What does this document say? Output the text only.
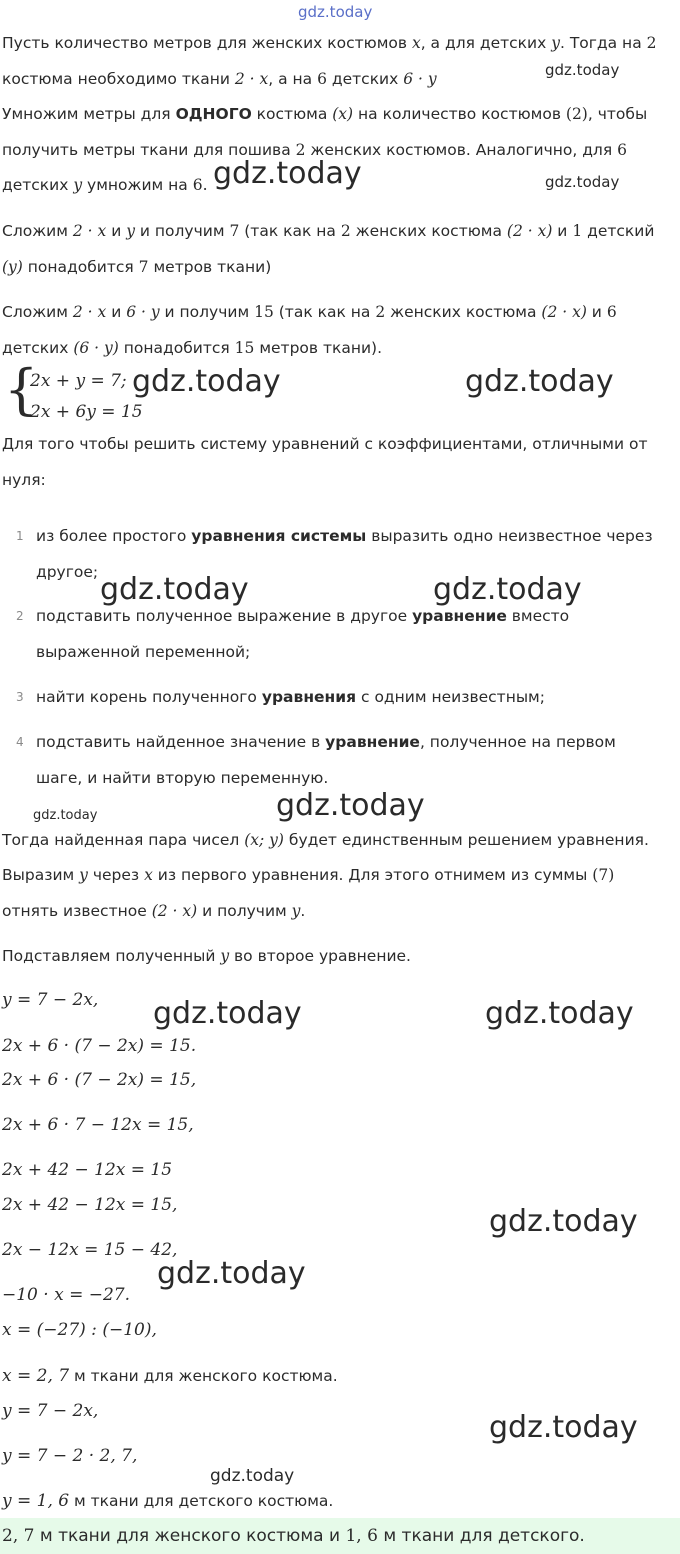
gdz.today
gdz.today
gdz.today	gdz.today
gdz.today	gdz.today
gdz.today	gdz.today
gdz.today	gdz.today
gdz.today	gdz.today
gdz.today
gdz.today
gdz.today
gdz.today
Пусть количество метров для женских костюмов x, а для детских y. Тогда на 2
костюма необходимо ткани 2 · x, а на 6 детских 6 · y
Умножим метры для ОДНОГО костюма (x) на количество костюмов (2), чтобы
получить метры ткани для пошива 2 женских костюмов. Аналогично, для 6
детских y умножим на 6.
Сложим 2 · x и y и получим 7 (так как на 2 женских костюма (2 · x) и 1 детский
(y) понадобится 7 метров ткани)
Сложим 2 · x и 6 · y и получим 15 (так как на 2 женских костюма (2 · x) и 6
детских (6 · y) понадобится 15 метров ткани).
{
2x + y = 7;
2x + 6y = 15
Для того чтобы решить систему уравнений с коэффициентами, отличными от
нуля:
1 из более простого уравнения системы выразить одно неизвестное через
другое;
2 подставить полученное выражение в другое уравнение вместо
выраженной переменной;
3 найти корень полученного уравнения с одним неизвестным;
4 подставить найденное значение в уравнение, полученное на первом
шаге, и найти вторую переменную.
Тогда найденная пара чисел (x; y) будет единственным решением уравнения.
Выразим y через x из первого уравнения. Для этого отнимем из суммы (7)
отнять известное (2 · x) и получим y.
Подставляем полученный y во второе уравнение.
y = 7 − 2x,
2x + 6 · (7 − 2x) = 15.
2x + 6 · (7 − 2x) = 15,
2x + 6 · 7 − 12x = 15,
2x + 42 − 12x = 15
2x + 42 − 12x = 15,
2x − 12x = 15 − 42,
−10 · x = −27.
x = (−27) : (−10),
x = 2, 7 м ткани для женского костюма.
y = 7 − 2x,
y = 7 − 2 · 2, 7,
y = 1, 6 м ткани для детского костюма.
2, 7 м ткани для женского костюма и 1, 6 м ткани для детского.
